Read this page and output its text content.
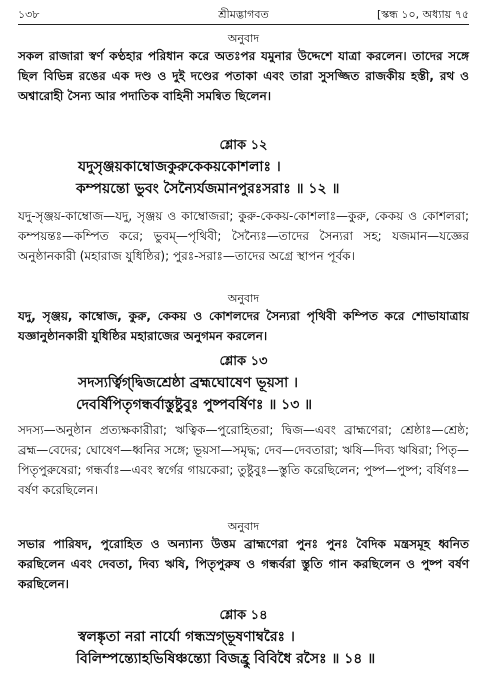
১৩৮	শ্রীমদ্ভাগবত	[স্কন্ধ ১০, অধ্যায় ৭৫
অনুবাদ
সকল রাজারা স্বর্ণ কণ্ঠহার পরিধান করে অতঃপর যমুনার উদ্দেশে যাত্রা করলেন। তাদের সঙ্গে ছিল বিভিন্ন রঙের এক দণ্ড ও দুই দণ্ডের পতাকা এবং তারা সুসজ্জিত রাজকীয় হস্তী, রথ ও অশ্বারোহী সৈন্য আর পদাতিক বাহিনী সমন্বিত ছিলেন।
শ্লোক ১২
যদুসৃঞ্জয়কাম্বোজকুরুকেকয়কোশলাঃ ।
কম্পয়ন্তো ভুবং সৈন্যৈর্যজমানপুরঃসরাঃ ॥ ১২ ॥
যদু-সৃঞ্জয়-কাম্বোজ—যদু, সৃঞ্জয় ও কাম্বোজরা; কুরু-কেকয়-কোশলাঃ—কুরু, কেকয় ও কোশলরা; কম্পয়ন্তঃ—কম্পিত করে; ভুবম্—পৃথিবী; সৈন্যৈঃ—তাদের সৈন্যরা সহ; যজমান—যজ্ঞের অনুষ্ঠানকারী (মহারাজ যুধিষ্ঠির); পুরঃ-সরাঃ—তাদের অগ্রে স্থাপন পূর্বক।
অনুবাদ
যদু, সৃঞ্জয়, কাম্বোজ, কুরু, কেকয় ও কোশলদের সৈন্যরা পৃথিবী কম্পিত করে শোভাযাত্রায় যজ্ঞানুষ্ঠানকারী যুধিষ্ঠির মহারাজের অনুগমন করলেন।
শ্লোক ১৩
সদস্যর্ত্বিগ্‌দ্বিজশ্রেষ্ঠা ব্রহ্মঘোষেণ ভূয়সা ।
দেবর্ষিপিতৃগন্ধর্বাস্তুষ্টুবুঃ পুষ্পবর্ষিণঃ ॥ ১৩ ॥
সদস্য—অনুষ্ঠান প্রত্যক্ষকারীরা; ঋত্বিক—পুরোহিতরা; দ্বিজ—এবং ব্রাহ্মণেরা; শ্রেষ্ঠাঃ—শ্রেষ্ঠ; ব্রহ্ম—বেদের; ঘোষেণ—ধ্বনির সঙ্গে; ভূয়সা—সমৃদ্ধ; দেব—দেবতারা; ঋষি—দিব্য ঋষিরা; পিতৃ—পিতৃপুরুষেরা; গন্ধর্বাঃ—এবং স্বর্গের গায়কেরা; তুষ্টুবুঃ—স্তুতি করেছিলেন; পুষ্প—পুষ্প; বর্ষিণঃ—বর্ষণ করেছিলেন।
অনুবাদ
সভার পারিষদ, পুরোহিত ও অন্যান্য উত্তম ব্রাহ্মণেরা পুনঃ পুনঃ বৈদিক মন্ত্রসমূহ ধ্বনিত করছিলেন এবং দেবতা, দিব্য ঋষি, পিতৃপুরুষ ও গন্ধর্বরা স্তুতি গান করছিলেন ও পুষ্প বর্ষণ করছিলেন।
শ্লোক ১৪
স্বলঙ্কৃতা নরা নার্যো গন্ধস্রগ্‌ভূষণাম্বরৈঃ ।
বিলিম্পন্ত্যোহভিষিঞ্চন্ত্যো বিজহ্রু বিবিধৈ রসৈঃ ॥ ১৪ ॥
